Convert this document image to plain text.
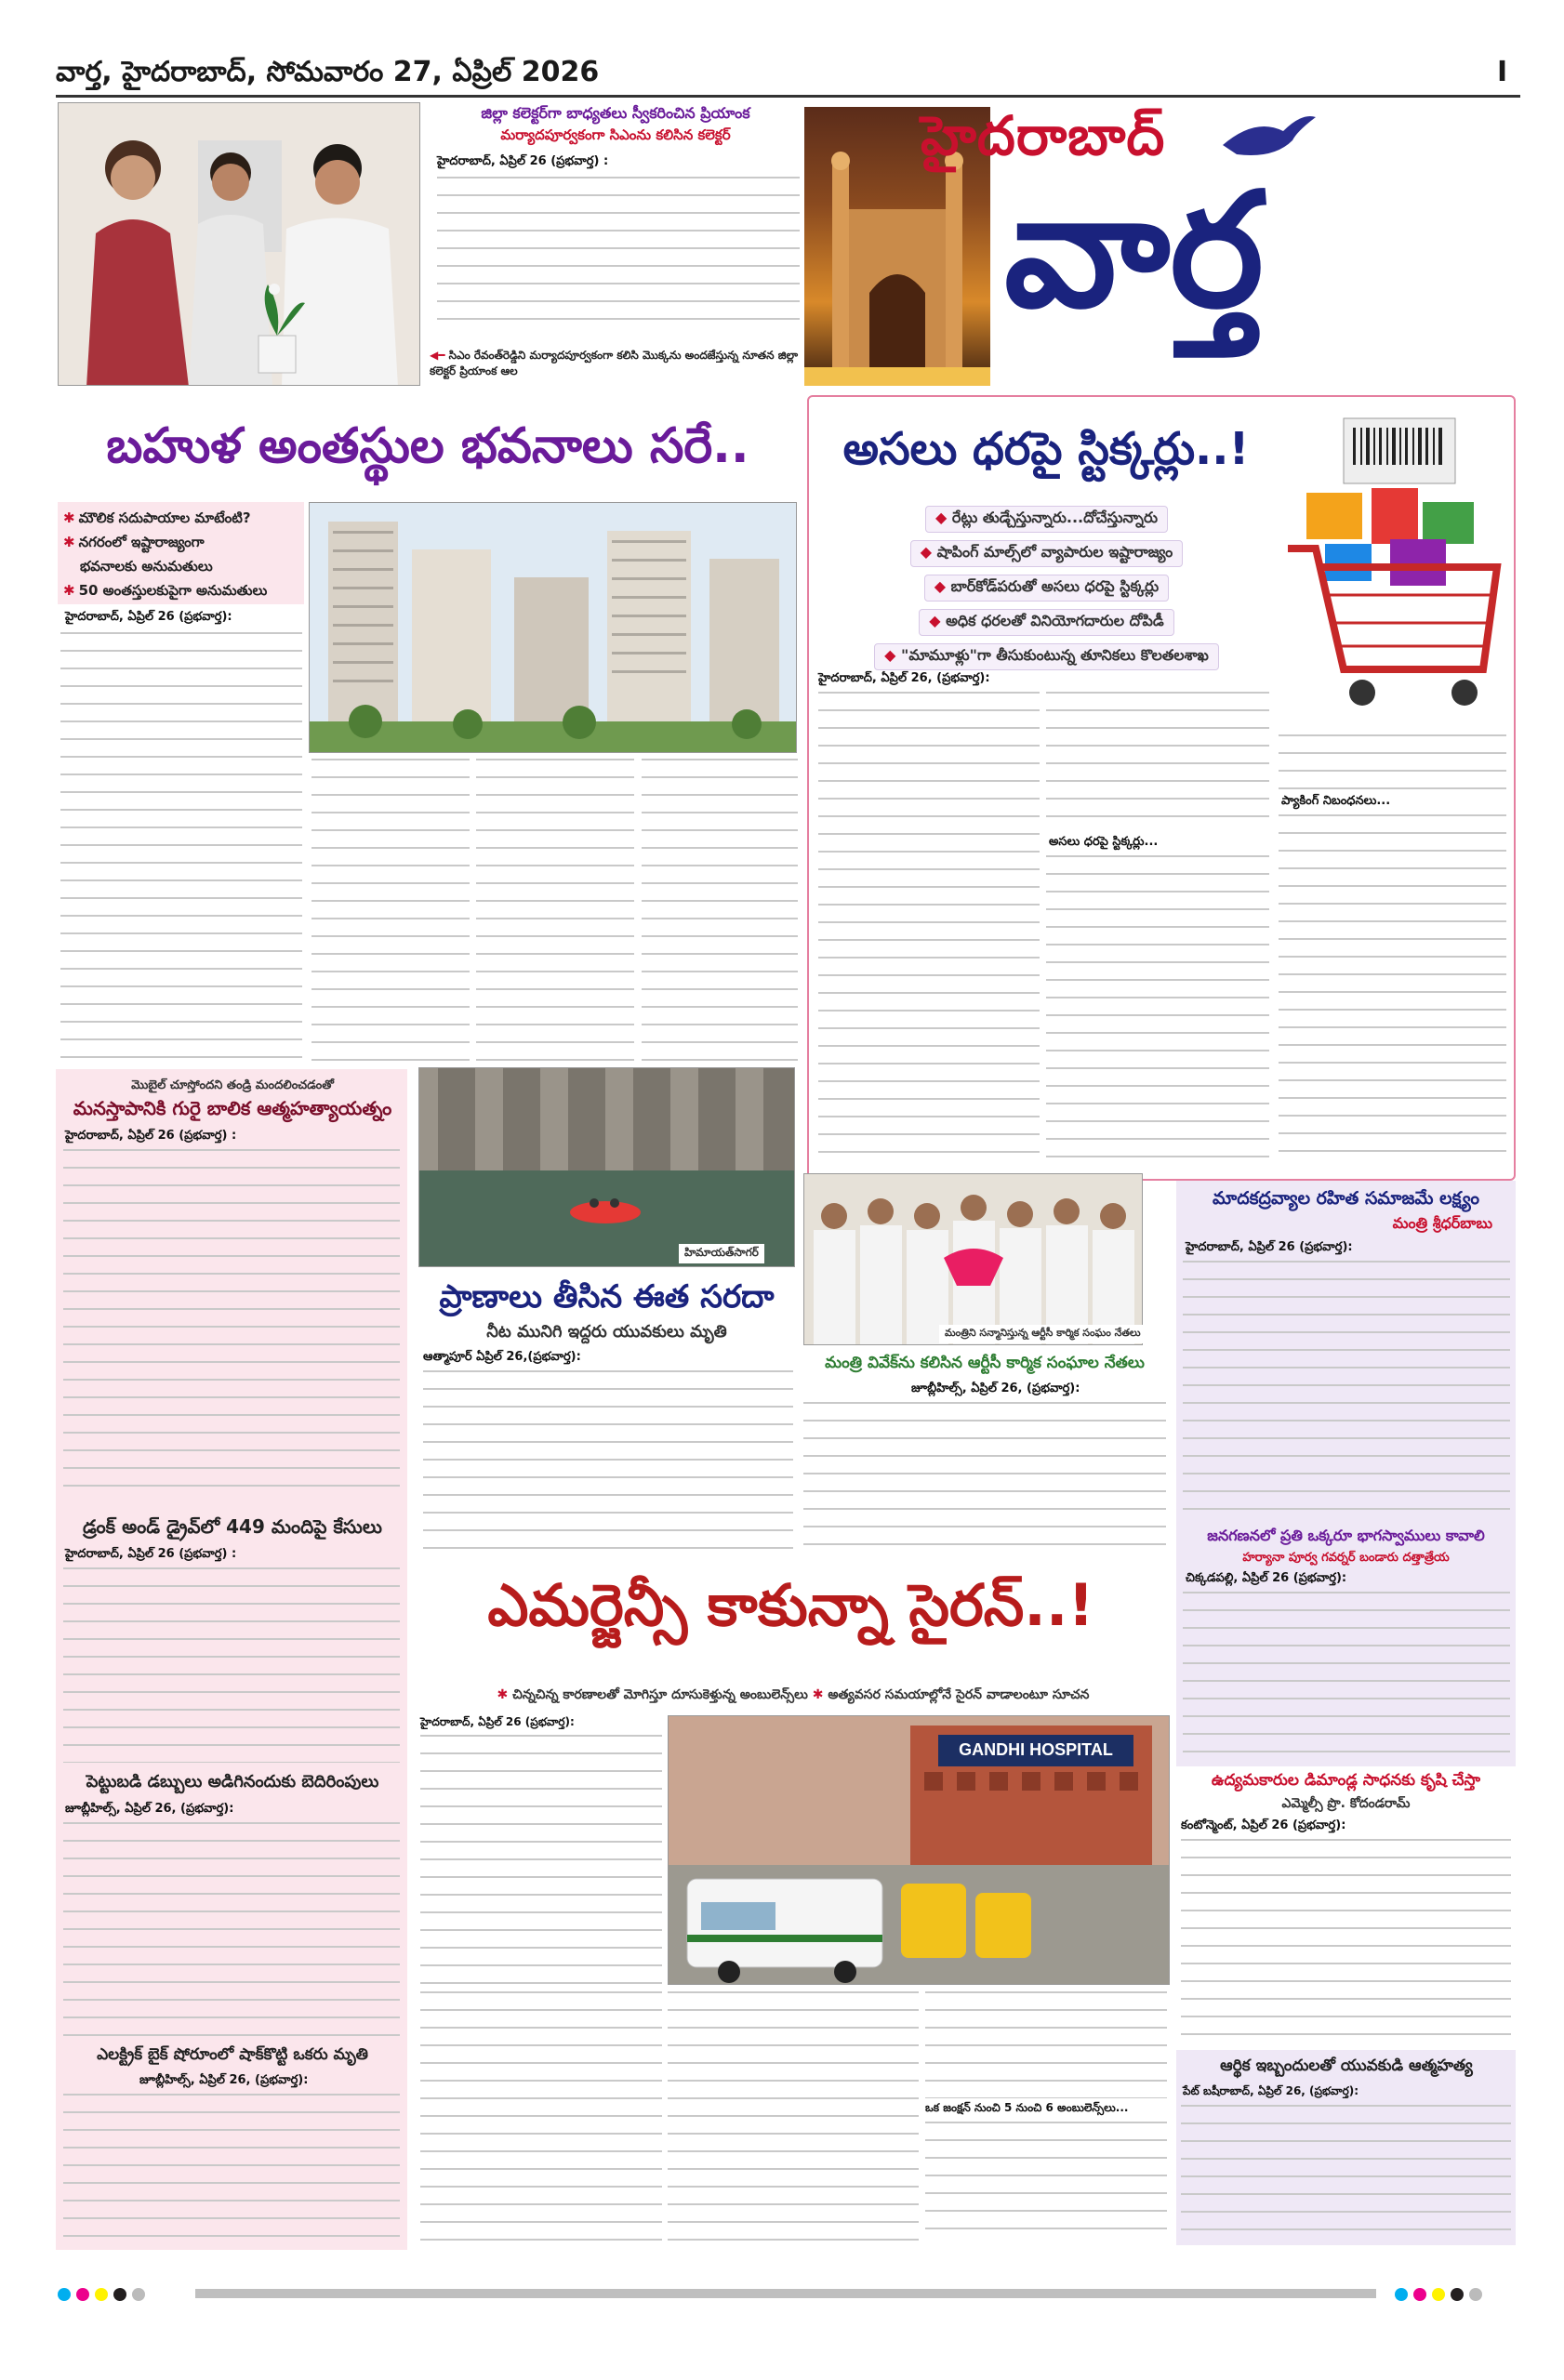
వార్త, హైదరాబాద్, సోమవారం 27, ఏప్రిల్ 2026	I
జిల్లా కలెక్టర్‌గా బాధ్యతలు స్వీకరించిన ప్రియాంక
మర్యాదపూర్వకంగా సిఎంను కలిసిన కలెక్టర్
హైదరాబాద్, ఏప్రిల్ 26 (ప్రభవార్త) :
◀━ సిఎం రేవంత్‌రెడ్డిని మర్యాదపూర్వకంగా కలిసి మొక్కను అందజేస్తున్న నూతన జిల్లా కలెక్టర్ ప్రియాంక ఆల
హైదరాబాద్
వార్త
బహుళ అంతస్థుల భవనాలు సరే..
✱ మౌలిక సదుపాయాల మాటేంటి?
✱ నగరంలో ఇష్టారాజ్యంగా
భవనాలకు అనుమతులు
✱ 50 అంతస్తులకుపైగా అనుమతులు
హైదరాబాద్, ఏప్రిల్ 26 (ప్రభవార్త):
అసలు ధరపై స్టిక్కర్లు..!
◆ రేట్లు తుడ్చేస్తున్నారు...దోచేస్తున్నారు
◆ షాపింగ్ మాల్స్‌లో వ్యాపారుల ఇష్టారాజ్యం
◆ బార్‌కోడ్‌పరుతో అసలు ధరపై స్టిక్కర్లు
◆ అధిక ధరలతో వినియోగదారుల దోపిడీ
◆ "మామూళ్లు"గా తీసుకుంటున్న తూనికలు కొలతలశాఖ
హైదరాబాద్, ఏప్రిల్ 26, (ప్రభవార్త):
అసలు ధరపై స్టిక్కర్లు...
ప్యాకింగ్ నిబంధనలు...
మొబైల్ చూస్తోందని తండ్రి మందలించడంతో
మనస్తాపానికి గురై బాలిక ఆత్మహత్యాయత్నం
హైదరాబాద్, ఏప్రిల్ 26 (ప్రభవార్త) :
డ్రంక్ అండ్ డ్రైవ్‌లో 449 మందిపై కేసులు
హైదరాబాద్, ఏప్రిల్ 26 (ప్రభవార్త) :
పెట్టుబడి డబ్బులు అడిగినందుకు బెదిరింపులు
జూబ్లీహిల్స్, ఏప్రిల్ 26, (ప్రభవార్త):
ఎలక్ట్రిక్ బైక్ షోరూంలో షాక్‌కొట్టి ఒకరు మృతి
జూబ్లీహిల్స్, ఏప్రిల్ 26, (ప్రభవార్త):
హిమాయత్‌సాగర్
ప్రాణాలు తీసిన ఈత సరదా
నీట మునిగి ఇద్దరు యువకులు మృతి
ఆత్మాపూర్ ఏప్రిల్ 26,(ప్రభవార్త):
మంత్రిని సన్మానిస్తున్న ఆర్టీసీ కార్మిక సంఘం నేతలు
మంత్రి వివేక్‌ను కలిసిన ఆర్టీసీ కార్మిక సంఘాల నేతలు
జూబ్లీహిల్స్, ఏప్రిల్ 26, (ప్రభవార్త):
మాదకద్రవ్యాల రహిత సమాజమే లక్ష్యం
మంత్రి శ్రీధర్‌బాబు
హైదరాబాద్, ఏప్రిల్ 26 (ప్రభవార్త):
జనగణనలో ప్రతి ఒక్కరూ భాగస్వాములు కావాలి
హర్యానా పూర్వ గవర్నర్ బండారు దత్తాత్రేయ
చిక్కడపల్లి, ఏప్రిల్ 26 (ప్రభవార్త):
ఎమర్జెన్సీ కాకున్నా సైరన్..!
✱ చిన్నచిన్న కారణాలతో మోగిస్తూ దూసుకెళ్తున్న అంబులెన్స్‌లు ✱ అత్యవసర సమయాల్లోనే సైరన్ వాడాలంటూ సూచన
హైదరాబాద్, ఏప్రిల్ 26 (ప్రభవార్త):
GANDHI HOSPITAL
ఒక జంక్షన్ నుంచి 5 నుంచి 6 అంబులెన్స్‌లు...
ఉద్యమకారుల డిమాండ్ల సాధనకు కృషి చేస్తా
ఎమ్మెల్సీ ప్రొ. కోదండరామ్
కంటోన్మెంట్, ఏప్రిల్ 26 (ప్రభవార్త):
ఆర్థిక ఇబ్బందులతో యువకుడి ఆత్మహత్య
పేట్ బషీరాబాద్, ఏప్రిల్ 26, (ప్రభవార్త):
